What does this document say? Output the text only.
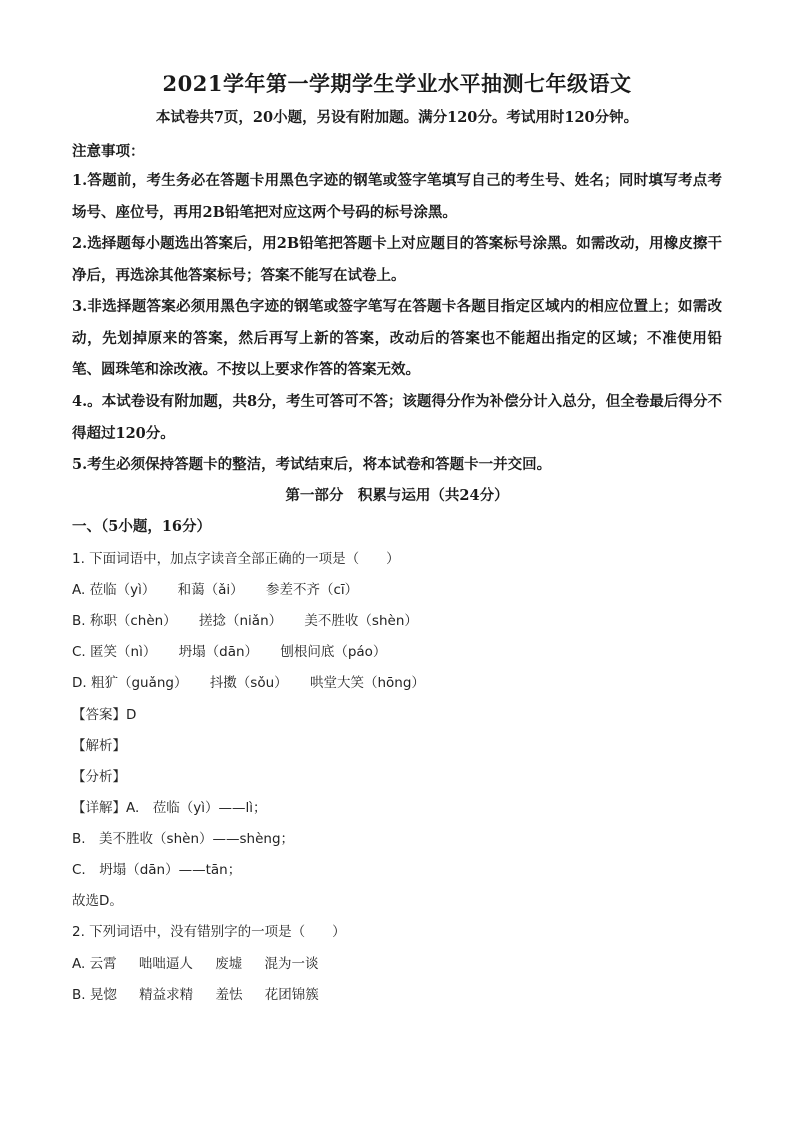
2021学年第一学期学生学业水平抽测七年级语文
本试卷共7页，20小题，另设有附加题。满分120分。考试用时120分钟。
注意事项：
1.答题前，考生务必在答题卡用黑色字迹的钢笔或签字笔填写自己的考生号、姓名；同时填写考点考场号、座位号，再用2B铅笔把对应这两个号码的标号涂黑。
2.选择题每小题选出答案后，用2B铅笔把答题卡上对应题目的答案标号涂黑。如需改动，用橡皮擦干净后，再选涂其他答案标号；答案不能写在试卷上。
3.非选择题答案必须用黑色字迹的钢笔或签字笔写在答题卡各题目指定区域内的相应位置上；如需改动，先划掉原来的答案，然后再写上新的答案，改动后的答案也不能超出指定的区域；不准使用铅笔、圆珠笔和涂改液。不按以上要求作答的答案无效。
4.。本试卷设有附加题，共8分，考生可答可不答；该题得分作为补偿分计入总分，但全卷最后得分不得超过120分。
5.考生必须保持答题卡的整洁，考试结束后，将本试卷和答题卡一并交回。
第一部分　积累与运用（共24分）
一、（5小题，16分）
1. 下面词语中，加点字读音全部正确的一项是（　　）
A. 莅临（yì） 和蔼（ǎi） 参差不齐（cī）
B. 称职（chèn） 搓捻（niǎn） 美不胜收（shèn）
C. 匿笑（nì） 坍塌（dān） 刨根问底（páo）
D. 粗犷（guǎng） 抖擞（sǒu） 哄堂大笑（hōng）
【答案】D
【解析】
【分析】
【详解】A.　莅临（yì）——lì；
B.　美不胜收（shèn）——shèng；
C.　坍塌（dān）——tān；
故选D。
2. 下列词语中，没有错别字的一项是（　　）
A. 云霄 咄咄逼人 废墟 混为一谈
B. 晃惚 精益求精 羞怯 花团锦簇
